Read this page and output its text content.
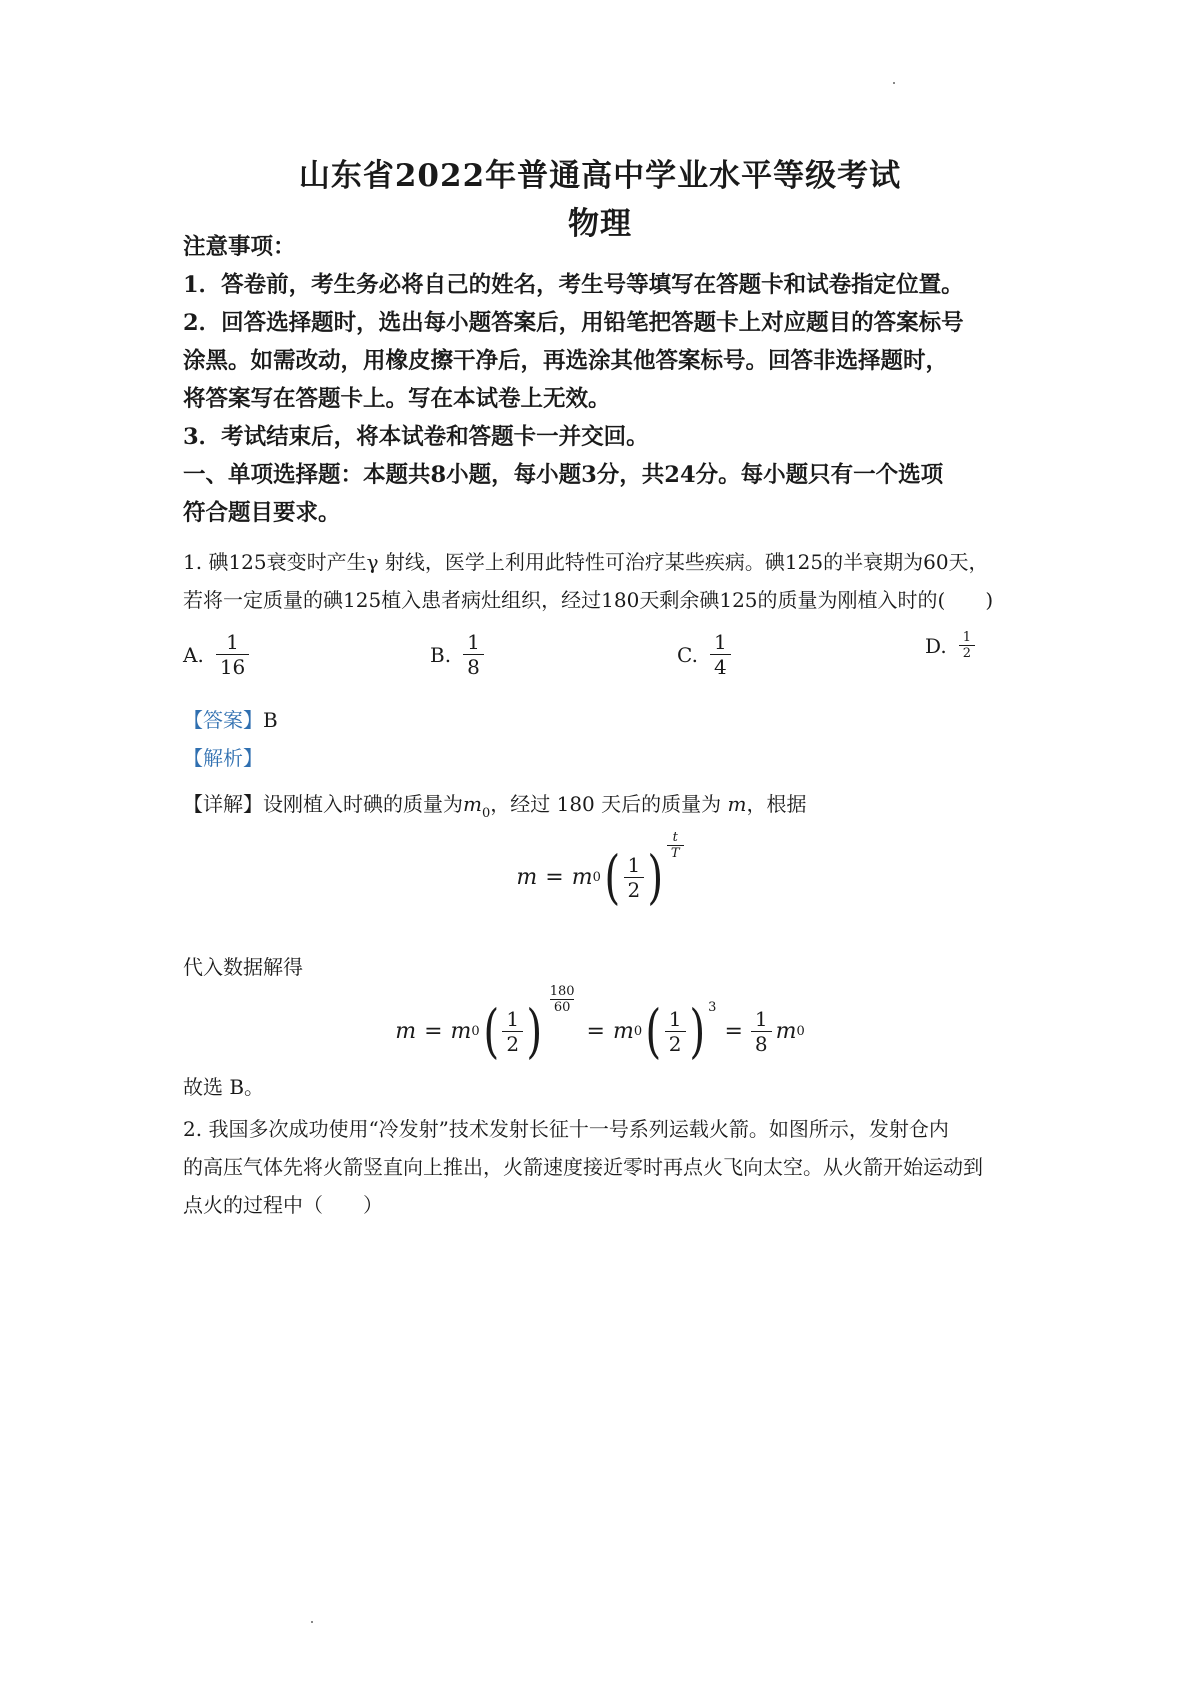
山东省2022年普通高中学业水平等级考试
物理

注意事项：

1．答卷前，考生务必将自己的姓名，考生号等填写在答题卡和试卷指定位置。

2．回答选择题时，选出每小题答案后，用铅笔把答题卡上对应题目的答案标号

涂黑。如需改动，用橡皮擦干净后，再选涂其他答案标号。回答非选择题时，

将答案写在答题卡上。写在本试卷上无效。

3．考试结束后，将本试卷和答题卡一并交回。

一、单项选择题：本题共8小题，每小题3分，共24分。每小题只有一个选项

符合题目要求。

1. 碘125衰变时产生γ 射线，医学上利用此特性可治疗某些疾病。碘125的半衰期为60天，

若将一定质量的碘125植入患者病灶组织，经过180天剩余碘125的质量为刚植入时的(　　)

A. $\frac{1}{16}$	B. $\frac{1}{8}$	C. $\frac{1}{4}$	D. $\frac{1}{2}$

【答案】B

【解析】

【详解】设刚植入时碘的质量为$m_0$，经过 180 天后的质量为 m，根据

m = m 0 ( $\frac{1}{2}$ ) $\frac{t}{T}$

代入数据解得

m = m 0 ( $\frac{1}{2}$ ) $\frac{180}{60}$
= m 0 ( $\frac{1}{2}$ ) 3
= $\frac{1}{8}$ m 0

故选 B。

2. 我国多次成功使用“冷发射”技术发射长征十一号系列运载火箭。如图所示，发射仓内

的高压气体先将火箭竖直向上推出，火箭速度接近零时再点火飞向太空。从火箭开始运动到

点火的过程中（　　）
